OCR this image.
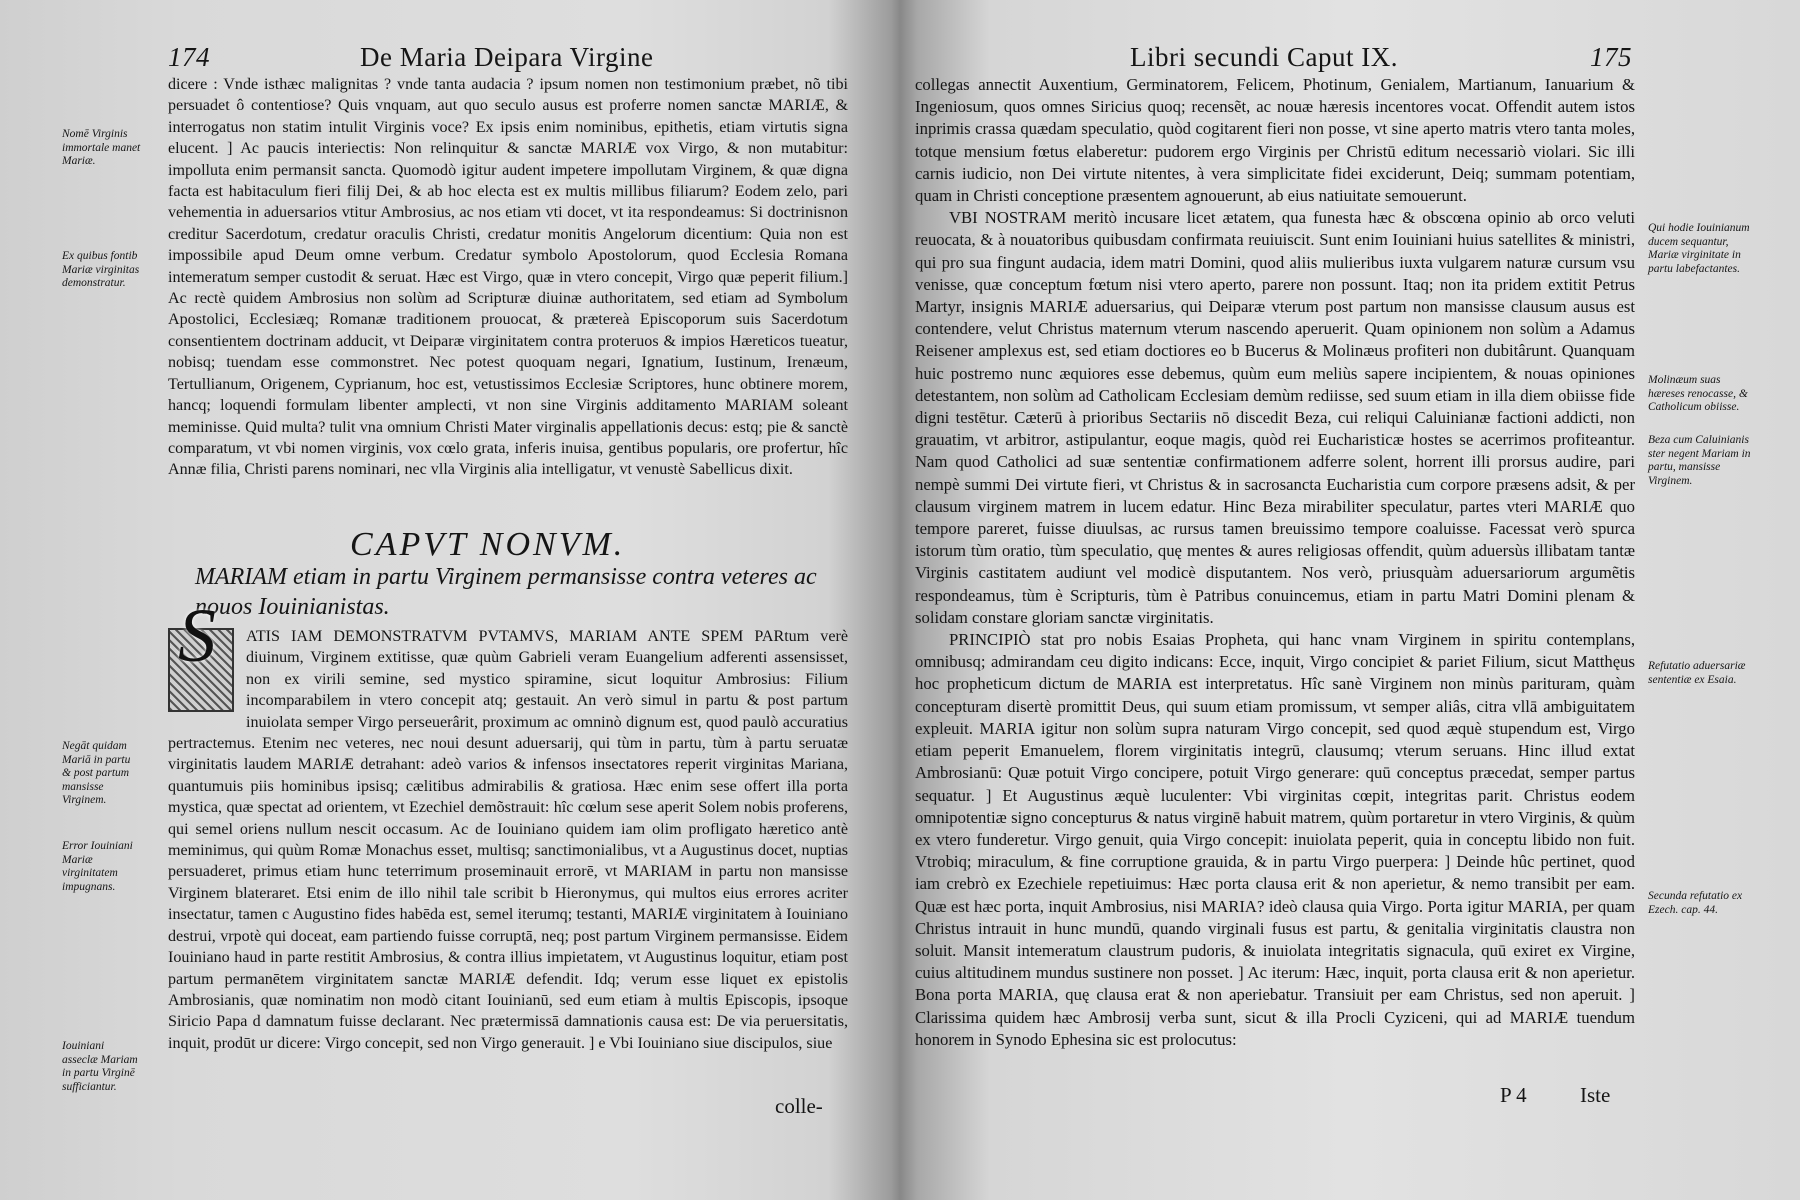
174	De Maria Deipara Virgine

dicere : Vnde isthæc malignitas ? vnde tanta audacia ? ipsum nomen non testimonium præbet, nõ tibi persuadet ô contentiose? Quis vnquam, aut quo seculo ausus est proferre nomen sanctæ MARIÆ, & interrogatus non statim intulit Virginis voce? Ex ipsis enim nominibus, epithetis, etiam virtutis signa elucent. ] Ac paucis interiectis: Non relinquitur & sanctæ MARIÆ vox Virgo, & non mutabitur: impolluta enim permansit sancta. Quomodò igitur audent impetere impollutam Virginem, & quæ digna facta est habitaculum fieri filij Dei, & ab hoc electa est ex multis millibus filiarum? Eodem zelo, pari vehementia in aduersarios vtitur Ambrosius, ac nos etiam vti docet, vt ita respondeamus: Si doctrinisnon creditur Sacerdotum, credatur oraculis Christi, credatur monitis Angelorum dicentium: Quia non est impossibile apud Deum omne verbum. Credatur symbolo Apostolorum, quod Ecclesia Romana intemeratum semper custodit & seruat. Hæc est Virgo, quæ in vtero concepit, Virgo quæ peperit filium.] Ac rectè quidem Ambrosius non solùm ad Scripturæ diuinæ authoritatem, sed etiam ad Symbolum Apostolici, Ecclesiæq; Romanæ traditionem prouocat, & prætereà Episcoporum suis Sacerdotum consentientem doctrinam adducit, vt Deiparæ virginitatem contra proteruos & impios Hæreticos tueatur, nobisq; tuendam esse commonstret. Nec potest quoquam negari, Ignatium, Iustinum, Irenæum, Tertullianum, Origenem, Cyprianum, hoc est, vetustissimos Ecclesiæ Scriptores, hunc obtinere morem, hancq; loquendi formulam libenter amplecti, vt non sine Virginis additamento MARIAM soleant meminisse. Quid multa? tulit vna omnium Christi Mater virginalis appellationis decus: estq; pie & sanctè comparatum, vt vbi nomen virginis, vox cœlo grata, inferis inuisa, gentibus popularis, ore profertur, hîc Annæ filia, Christi parens nominari, nec vlla Virginis alia intelligatur, vt venustè Sabellicus dixit.

CAPVT NONVM.
MARIAM etiam in partu Virginem permansisse contra veteres ac nouos Iouinianistas.
S	ATIS IAM DEMONSTRATVM PVTAMVS, MARIAM ANTE SPEM PARtum verè diuinum, Virginem extitisse, quæ quùm Gabrieli veram Euangelium adferenti assensisset, non ex virili semine, sed mystico spiramine, sicut loquitur Ambrosius: Filium incomparabilem in vtero concepit atq; gestauit. An verò simul in partu & post partum inuiolata semper Virgo perseuerârit, proximum ac omninò dignum est, quod paulò accuratius pertractemus. Etenim nec veteres, nec noui desunt aduersarij, qui tùm in partu, tùm à partu seruatæ virginitatis laudem MARIÆ detrahant: adeò varios & infensos insectatores reperit virginitas Mariana, quantumuis piis hominibus ipsisq; cælitibus admirabilis & gratiosa. Hæc enim sese offert illa porta mystica, quæ spectat ad orientem, vt Ezechiel demõstrauit: hîc cœlum sese aperit Solem nobis proferens, qui semel oriens nullum nescit occasum. Ac de Iouiniano quidem iam olim profligato hæretico antè meminimus, qui quùm Romæ Monachus esset, multisq; sanctimonialibus, vt a Augustinus docet, nuptias persuaderet, primus etiam hunc teterrimum proseminauit errorē, vt MARIAM in partu non mansisse Virginem blateraret. Etsi enim de illo nihil tale scribit b Hieronymus, qui multos eius errores acriter insectatur, tamen c Augustino fides habēda est, semel iterumq; testanti, MARIÆ virginitatem à Iouiniano destrui, vrpotè qui doceat, eam partiendo fuisse corruptā, neq; post partum Virginem permansisse. Eidem Iouiniano haud in parte restitit Ambrosius, & contra illius impietatem, vt Augustinus loquitur, etiam post partum permanētem virginitatem sanctæ MARIÆ defendit. Idq; verum esse liquet ex epistolis Ambrosianis, quæ nominatim non modò citant Iouinianū, sed eum etiam à multis Episcopis, ipsoque Siricio Papa d damnatum fuisse declarant. Nec prætermissā damnationis causa est: De via peruersitatis, inquit, prodūt ur dicere: Virgo concepit, sed non Virgo generauit. ] e Vbi Iouiniano siue discipulos, siue

Nomē Virginis immortale manet Mariæ.
Ex quibus fontib Mariæ virginitas demonstratur.
Negāt quidam Mariā in partu & post partum mansisse Virginem.
Error Iouiniani Mariæ virginitatem impugnans.
Iouiniani asseclæ Mariam in partu Virginē sufficiantur.
colle-
Libri secundi Caput IX.	175

collegas annectit Auxentium, Germinatorem, Felicem, Photinum, Genialem, Martianum, Ianuarium & Ingeniosum, quos omnes Siricius quoq; recensẽt, ac nouæ hæresis incentores vocat. Offendit autem istos inprimis crassa quædam speculatio, quòd cogitarent fieri non posse, vt sine aperto matris vtero tanta moles, totque mensium fœtus elaberetur: pudorem ergo Virginis per Christū editum necessariò violari. Sic illi carnis iudicio, non Dei virtute nitentes, à vera simplicitate fidei exciderunt, Deiq; summam potentiam, quam in Christi conceptione præsentem agnouerunt, ab eius natiuitate semouerunt.

VBI NOSTRAM meritò incusare licet ætatem, qua funesta hæc & obscœna opinio ab orco veluti reuocata, & à nouatoribus quibusdam confirmata reuiuiscit. Sunt enim Iouiniani huius satellites & ministri, qui pro sua fingunt audacia, idem matri Domini, quod aliis mulieribus iuxta vulgarem naturæ cursum vsu venisse, quæ conceptum fœtum nisi vtero aperto, parere non possunt. Itaq; non ita pridem extitit Petrus Martyr, insignis MARIÆ aduersarius, qui Deiparæ vterum post partum non mansisse clausum ausus est contendere, velut Christus maternum vterum nascendo aperuerit. Quam opinionem non solùm a Adamus Reisener amplexus est, sed etiam doctiores eo b Bucerus & Molinæus profiteri non dubitârunt. Quanquam huic postremo nunc æquiores esse debemus, quùm eum meliùs sapere incipientem, & nouas opiniones detestantem, non solùm ad Catholicam Ecclesiam demùm rediisse, sed suum etiam in illa diem obiisse fide digni testētur. Cæterū à prioribus Sectariis nō discedit Beza, cui reliqui Caluinianæ factioni addicti, non grauatim, vt arbitror, astipulantur, eoque magis, quòd rei Eucharisticæ hostes se acerrimos profiteantur. Nam quod Catholici ad suæ sententiæ confirmationem adferre solent, horrent illi prorsus audire, pari nempè summi Dei virtute fieri, vt Christus & in sacrosancta Eucharistia cum corpore præsens adsit, & per clausum virginem matrem in lucem edatur. Hinc Beza mirabiliter speculatur, partes vteri MARIÆ quo tempore pareret, fuisse diuulsas, ac rursus tamen breuissimo tempore coaluisse. Facessat verò spurca istorum tùm oratio, tùm speculatio, quę mentes & aures religiosas offendit, quùm aduersùs illibatam tantæ Virginis castitatem audiunt vel modicè disputantem. Nos verò, priusquàm aduersariorum argumẽtis respondeamus, tùm è Scripturis, tùm è Patribus conuincemus, etiam in partu Matri Domini plenam & solidam constare gloriam sanctæ virginitatis.

PRINCIPIÒ stat pro nobis Esaias Propheta, qui hanc vnam Virginem in spiritu contemplans, omnibusq; admirandam ceu digito indicans: Ecce, inquit, Virgo concipiet & pariet Filium, sicut Matthęus hoc propheticum dictum de MARIA est interpretatus. Hîc sanè Virginem non minùs parituram, quàm concepturam disertè promittit Deus, qui suum etiam promissum, vt semper aliâs, citra vllā ambiguitatem expleuit. MARIA igitur non solùm supra naturam Virgo concepit, sed quod æquè stupendum est, Virgo etiam peperit Emanuelem, florem virginitatis integrū, clausumq; vterum seruans. Hinc illud extat Ambrosianū: Quæ potuit Virgo concipere, potuit Virgo generare: quū conceptus præcedat, semper partus sequatur. ] Et Augustinus æquè luculenter: Vbi virginitas cœpit, integritas parit. Christus eodem omnipotentiæ signo concepturus & natus virginē habuit matrem, quùm portaretur in vtero Virginis, & quùm ex vtero funderetur. Virgo genuit, quia Virgo concepit: inuiolata peperit, quia in conceptu libido non fuit. Vtrobiq; miraculum, & fine corruptione grauida, & in partu Virgo puerpera: ] Deinde hûc pertinet, quod iam crebrò ex Ezechiele repetiuimus: Hæc porta clausa erit & non aperietur, & nemo transibit per eam. Quæ est hæc porta, inquit Ambrosius, nisi MARIA? ideò clausa quia Virgo. Porta igitur MARIA, per quam Christus intrauit in hunc mundū, quando virginali fusus est partu, & genitalia virginitatis claustra non soluit. Mansit intemeratum claustrum pudoris, & inuiolata integritatis signacula, quū exiret ex Virgine, cuius altitudinem mundus sustinere non posset. ] Ac iterum: Hæc, inquit, porta clausa erit & non aperietur. Bona porta MARIA, quę clausa erat & non aperiebatur. Transiuit per eam Christus, sed non aperuit. ] Clarissima quidem hæc Ambrosij verba sunt, sicut & illa Procli Cyziceni, qui ad MARIÆ tuendum honorem in Synodo Ephesina sic est prolocutus:

Qui hodie Iouinianum ducem sequantur, Mariæ virginitate in partu labefactantes.
Molinæum suas hæreses renocasse, & Catholicum obiisse.
Beza cum Caluinianis ster negent Mariam in partu, mansisse Virginem.
Refutatio aduersariæ sententiæ ex Esaia.
Secunda refutatio ex Ezech. cap. 44.
P 4	Iste
